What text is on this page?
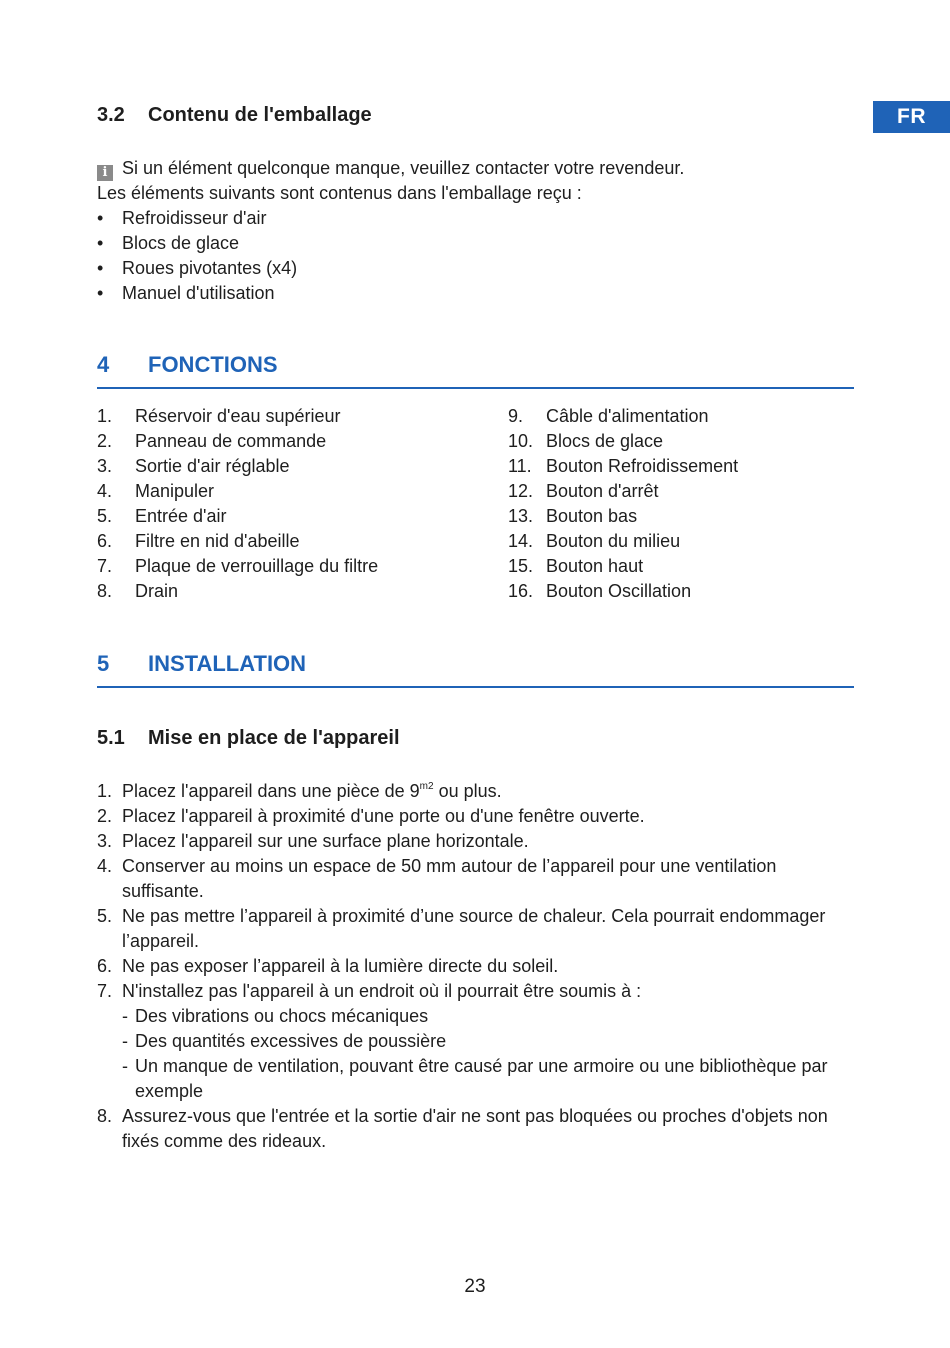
FR
3.2 Contenu de l'emballage
i Si un élément quelconque manque, veuillez contacter votre revendeur.
Les éléments suivants sont contenus dans l'emballage reçu :
• Refroidisseur d'air
• Blocs de glace
• Roues pivotantes (x4)
• Manuel d'utilisation
4 FONCTIONS
1. Réservoir d'eau supérieur
2. Panneau de commande
3. Sortie d'air réglable
4. Manipuler
5. Entrée d'air
6. Filtre en nid d'abeille
7. Plaque de verrouillage du filtre
8. Drain
9. Câble d'alimentation
10. Blocs de glace
11. Bouton Refroidissement
12. Bouton d'arrêt
13. Bouton bas
14. Bouton du milieu
15. Bouton haut
16. Bouton Oscillation
5 INSTALLATION
5.1 Mise en place de l'appareil
1. Placez l'appareil dans une pièce de $9^{m2}$ ou plus.
2. Placez l'appareil à proximité d'une porte ou d'une fenêtre ouverte.
3. Placez l'appareil sur une surface plane horizontale.
4. Conserver au moins un espace de 50 mm autour de l’appareil pour une ventilation suffisante.
5. Ne pas mettre l’appareil à proximité d’une source de chaleur. Cela pourrait endommager l’appareil.
6. Ne pas exposer l’appareil à la lumière directe du soleil.
7. N'installez pas l'appareil à un endroit où il pourrait être soumis à :
- Des vibrations ou chocs mécaniques
- Des quantités excessives de poussière
- Un manque de ventilation, pouvant être causé par une armoire ou une bibliothèque par exemple
8. Assurez-vous que l'entrée et la sortie d'air ne sont pas bloquées ou proches d'objets non fixés comme des rideaux.
23
